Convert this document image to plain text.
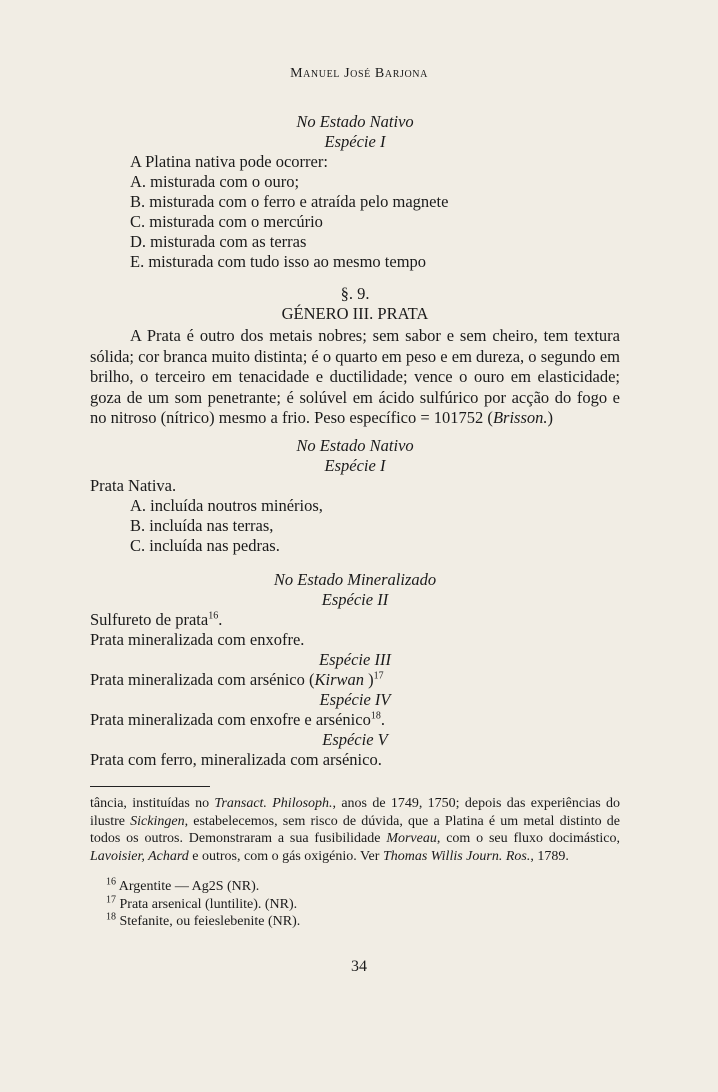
Manuel José Barjona
No Estado Nativo
Espécie I
A Platina nativa pode ocorrer:
A. misturada com o ouro;
B. misturada com o ferro e atraída pelo magnete
C. misturada com o mercúrio
D. misturada com as terras
E. misturada com tudo isso ao mesmo tempo
§. 9.
GÉNERO III. PRATA
A Prata é outro dos metais nobres; sem sabor e sem cheiro, tem textura sólida; cor branca muito distinta; é o quarto em peso e em dureza, o segundo em brilho, o terceiro em tenacidade e ductilidade; vence o ouro em elasticidade; goza de um som penetrante; é solúvel em ácido sulfúrico por acção do fogo e no nitroso (nítrico) mesmo a frio. Peso específico = 101752 (Brisson.)
No Estado Nativo
Espécie I
Prata Nativa.
A. incluída noutros minérios,
B. incluída nas terras,
C. incluída nas pedras.
No Estado Mineralizado
Espécie II
Sulfureto de prata$^{16}$.
Prata mineralizada com enxofre.
Espécie III
Prata mineralizada com arsénico (Kirwan )$^{17}$
Espécie IV
Prata mineralizada com enxofre e arsénico$^{18}$.
Espécie V
Prata com ferro, mineralizada com arsénico.
tância, instituídas no Transact. Philosoph., anos de 1749, 1750; depois das experiências do ilustre Sickingen, estabelecemos, sem risco de dúvida, que a Platina é um metal distinto de todos os outros. Demonstraram a sua fusibilidade Morveau, com o seu fluxo docimástico, Lavoisier, Achard e outros, com o gás oxigénio. Ver Thomas Willis Journ. Ros., 1789.
$^{16}$ Argentite — Ag2S (NR).
$^{17}$ Prata arsenical (luntilite). (NR).
$^{18}$ Stefanite, ou feieslebenite (NR).
34
